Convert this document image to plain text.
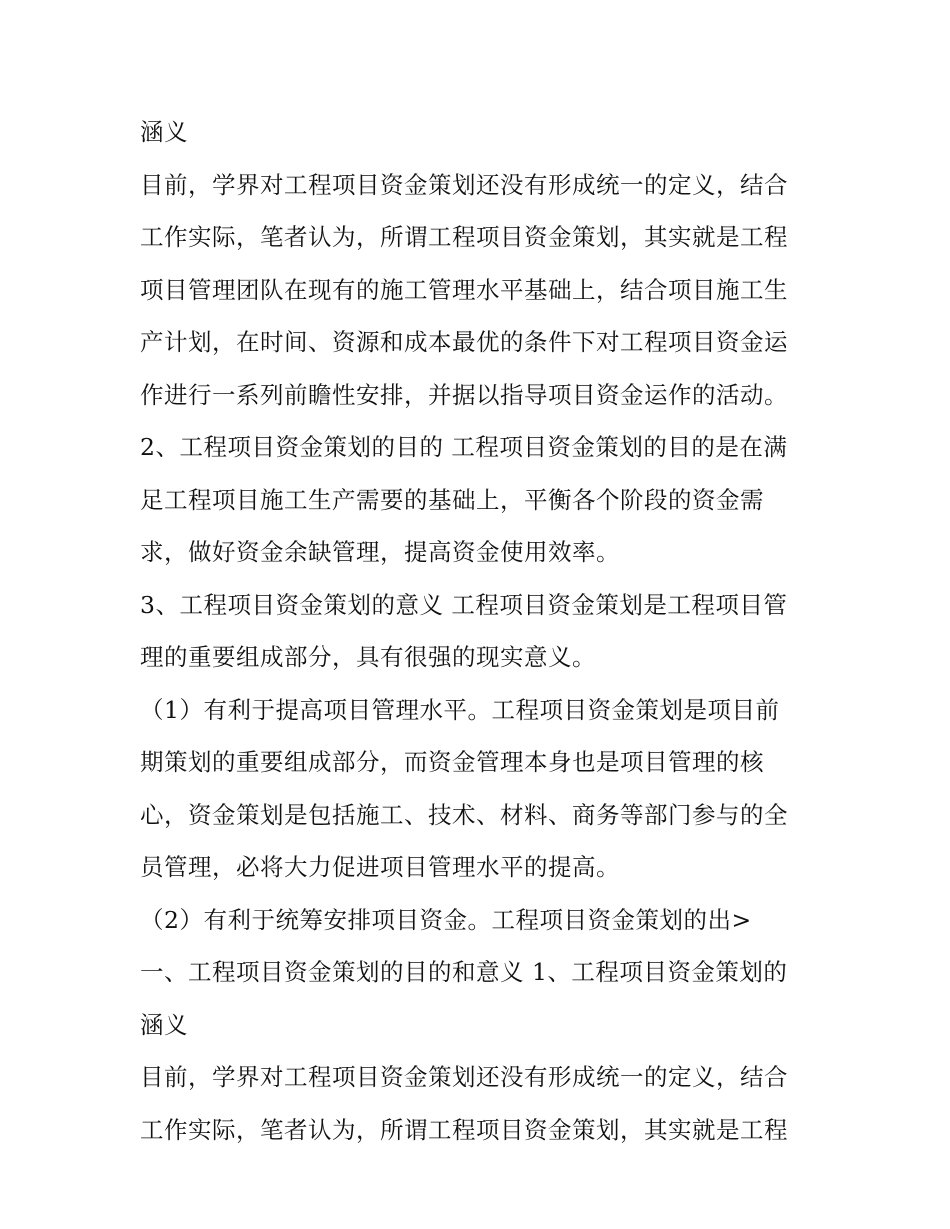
涵义
目前，学界对工程项目资金策划还没有形成统一的定义，结合
工作实际，笔者认为，所谓工程项目资金策划，其实就是工程
项目管理团队在现有的施工管理水平基础上，结合项目施工生
产计划，在时间、资源和成本最优的条件下对工程项目资金运
作进行一系列前瞻性安排，并据以指导项目资金运作的活动。
2、工程项目资金策划的目的 工程项目资金策划的目的是在满
足工程项目施工生产需要的基础上，平衡各个阶段的资金需
求，做好资金余缺管理，提高资金使用效率。
3、工程项目资金策划的意义 工程项目资金策划是工程项目管
理的重要组成部分，具有很强的现实意义。
（1）有利于提高项目管理水平。工程项目资金策划是项目前
期策划的重要组成部分，而资金管理本身也是项目管理的核
心，资金策划是包括施工、技术、材料、商务等部门参与的全
员管理，必将大力促进项目管理水平的提高。
（2）有利于统筹安排项目资金。工程项目资金策划的出>
一、工程项目资金策划的目的和意义 1、工程项目资金策划的
涵义
目前，学界对工程项目资金策划还没有形成统一的定义，结合
工作实际，笔者认为，所谓工程项目资金策划，其实就是工程
